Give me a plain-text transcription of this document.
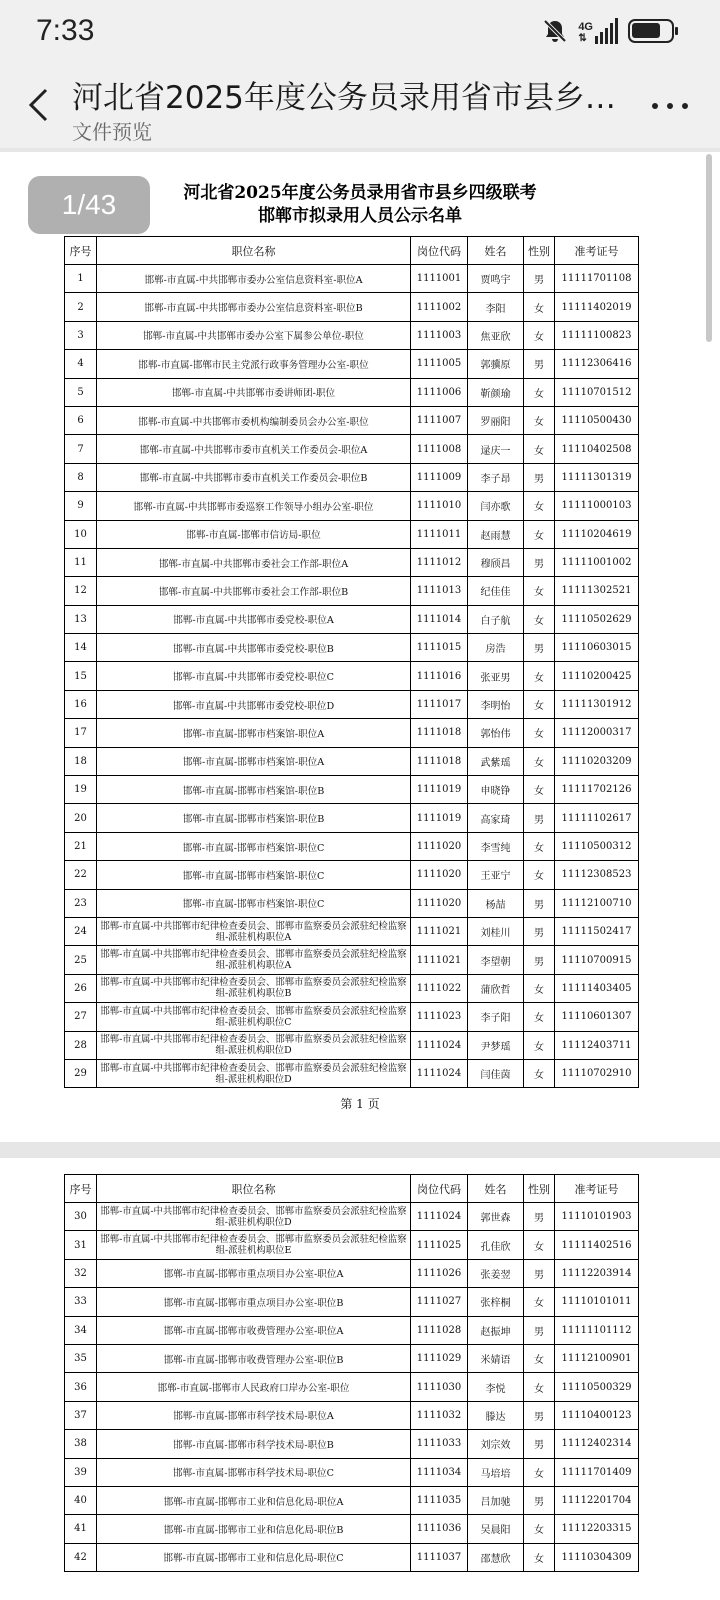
7:33	4G
⇅
河北省2025年度公务员录用省市县乡…
文件预览
1/43	河北省2025年度公务员录用省市县乡四级联考
邯郸市拟录用人员公示名单
序号	职位名称	岗位代码	姓名	性别	准考证号
1	邯郸-市直属-中共邯郸市委办公室信息资料室-职位A	1111001	贾鸣宇	男	11111701108
2	邯郸-市直属-中共邯郸市委办公室信息资料室-职位B	1111002	李阳	女	11111402019
3	邯郸-市直属-中共邯郸市委办公室下属参公单位-职位	1111003	焦亚欣	女	11111100823
4	邯郸-市直属-邯郸市民主党派行政事务管理办公室-职位	1111005	郭骥原	男	11112306416
5	邯郸-市直属-中共邯郸市委讲师团-职位	1111006	靳颜瑜	女	11110701512
6	邯郸-市直属-中共邯郸市委机构编制委员会办公室-职位	1111007	罗丽阳	女	11110500430
7	邯郸-市直属-中共邯郸市委市直机关工作委员会-职位A	1111008	逯庆一	女	11110402508
8	邯郸-市直属-中共邯郸市委市直机关工作委员会-职位B	1111009	李子昂	男	11111301319
9	邯郸-市直属-中共邯郸市委巡察工作领导小组办公室-职位	1111010	闫亦歌	女	11111000103
10	邯郸-市直属-邯郸市信访局-职位	1111011	赵雨慧	女	11110204619
11	邯郸-市直属-中共邯郸市委社会工作部-职位A	1111012	穆颀昌	男	11111001002
12	邯郸-市直属-中共邯郸市委社会工作部-职位B	1111013	纪佳佳	女	11111302521
13	邯郸-市直属-中共邯郸市委党校-职位A	1111014	白子航	女	11110502629
14	邯郸-市直属-中共邯郸市委党校-职位B	1111015	房浩	男	11110603015
15	邯郸-市直属-中共邯郸市委党校-职位C	1111016	张亚男	女	11110200425
16	邯郸-市直属-中共邯郸市委党校-职位D	1111017	李明怡	女	11111301912
17	邯郸-市直属-邯郸市档案馆-职位A	1111018	郭怡伟	女	11112000317
18	邯郸-市直属-邯郸市档案馆-职位A	1111018	武紫瑶	女	11110203209
19	邯郸-市直属-邯郸市档案馆-职位B	1111019	申晓铮	女	11111702126
20	邯郸-市直属-邯郸市档案馆-职位B	1111019	高家琦	男	11111102617
21	邯郸-市直属-邯郸市档案馆-职位C	1111020	李雪纯	女	11110500312
22	邯郸-市直属-邯郸市档案馆-职位C	1111020	王亚宁	女	11112308523
23	邯郸-市直属-邯郸市档案馆-职位C	1111020	杨喆	男	11112100710
24	邯郸-市直属-中共邯郸市纪律检查委员会、邯郸市监察委员会派驻纪检监察组-派驻机构职位A	1111021	刘桂川	男	11111502417
25	邯郸-市直属-中共邯郸市纪律检查委员会、邯郸市监察委员会派驻纪检监察组-派驻机构职位A	1111021	李望朝	男	11110700915
26	邯郸-市直属-中共邯郸市纪律检查委员会、邯郸市监察委员会派驻纪检监察组-派驻机构职位B	1111022	蒲欣哲	女	11111403405
27	邯郸-市直属-中共邯郸市纪律检查委员会、邯郸市监察委员会派驻纪检监察组-派驻机构职位C	1111023	李子阳	女	11110601307
28	邯郸-市直属-中共邯郸市纪律检查委员会、邯郸市监察委员会派驻纪检监察组-派驻机构职位D	1111024	尹梦瑶	女	11112403711
29	邯郸-市直属-中共邯郸市纪律检查委员会、邯郸市监察委员会派驻纪检监察组-派驻机构职位D	1111024	闫佳茵	女	11110702910
第 1 页
序号	职位名称	岗位代码	姓名	性别	准考证号
30	邯郸-市直属-中共邯郸市纪律检查委员会、邯郸市监察委员会派驻纪检监察组-派驻机构职位D	1111024	郭世森	男	11110101903
31	邯郸-市直属-中共邯郸市纪律检查委员会、邯郸市监察委员会派驻纪检监察组-派驻机构职位E	1111025	孔佳欣	女	11111402516
32	邯郸-市直属-邯郸市重点项目办公室-职位A	1111026	张姜翌	男	11112203914
33	邯郸-市直属-邯郸市重点项目办公室-职位B	1111027	张梓桐	女	11110101011
34	邯郸-市直属-邯郸市收费管理办公室-职位A	1111028	赵振坤	男	11111101112
35	邯郸-市直属-邯郸市收费管理办公室-职位B	1111029	米婧语	女	11112100901
36	邯郸-市直属-邯郸市人民政府口岸办公室-职位	1111030	李悦	女	11110500329
37	邯郸-市直属-邯郸市科学技术局-职位A	1111032	滕达	男	11110400123
38	邯郸-市直属-邯郸市科学技术局-职位B	1111033	刘宗效	男	11112402314
39	邯郸-市直属-邯郸市科学技术局-职位C	1111034	马培培	女	11111701409
40	邯郸-市直属-邯郸市工业和信息化局-职位A	1111035	吕加驰	男	11112201704
41	邯郸-市直属-邯郸市工业和信息化局-职位B	1111036	吴晨阳	女	11112203315
42	邯郸-市直属-邯郸市工业和信息化局-职位C	1111037	邵慧欣	女	11110304309
